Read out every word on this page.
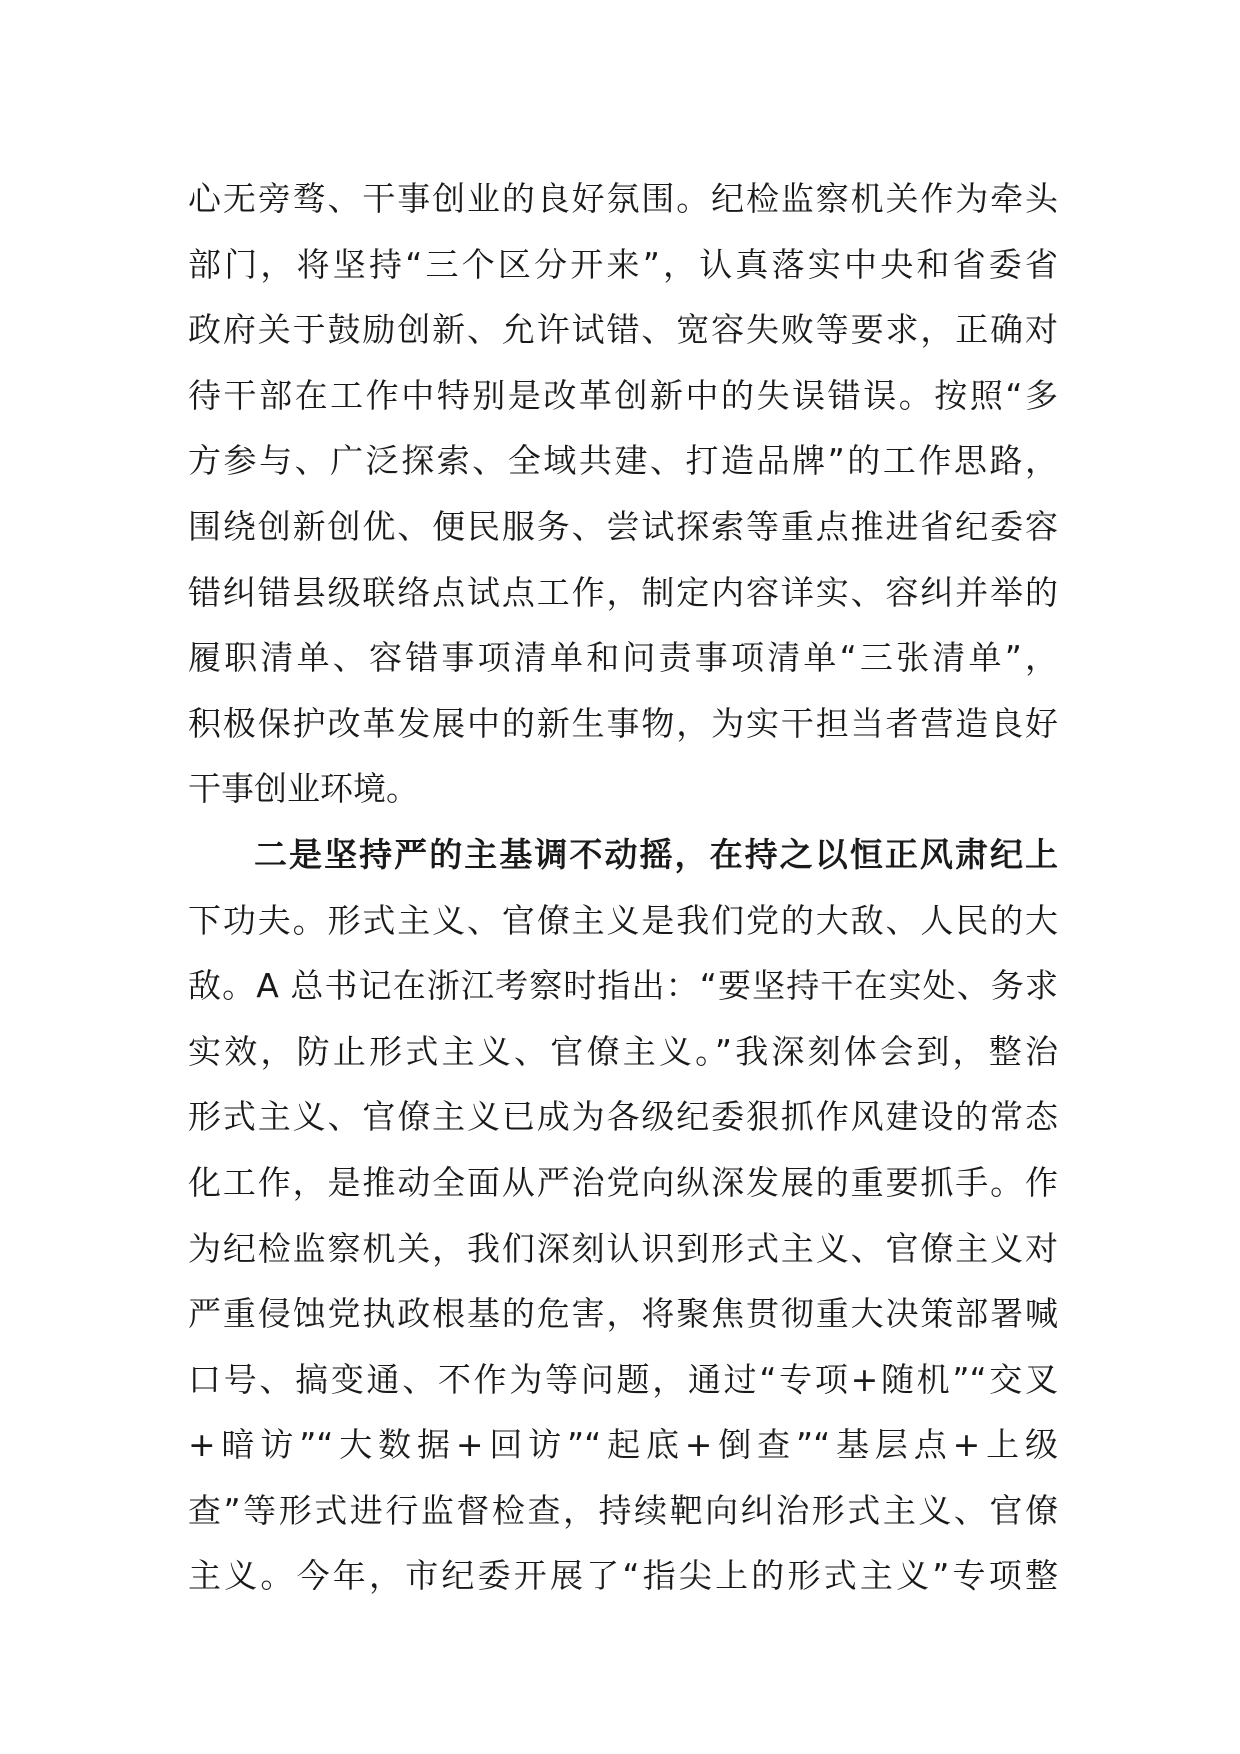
心无旁骛、干事创业的良好氛围。纪检监察机关作为牵头
部门，将坚持“三个区分开来”，认真落实中央和省委省
政府关于鼓励创新、允许试错、宽容失败等要求，正确对
待干部在工作中特别是改革创新中的失误错误。按照“多
方参与、广泛探索、全域共建、打造品牌”的工作思路，
围绕创新创优、便民服务、尝试探索等重点推进省纪委容
错纠错县级联络点试点工作，制定内容详实、容纠并举的
履职清单、容错事项清单和问责事项清单“三张清单”，
积极保护改革发展中的新生事物，为实干担当者营造良好
干事创业环境。
二是坚持严的主基调不动摇，在持之以恒正风肃纪上
下功夫。形式主义、官僚主义是我们党的大敌、人民的大
敌。A 总书记在浙江考察时指出：“要坚持干在实处、务求
实效，防止形式主义、官僚主义。”我深刻体会到，整治
形式主义、官僚主义已成为各级纪委狠抓作风建设的常态
化工作，是推动全面从严治党向纵深发展的重要抓手。作
为纪检监察机关，我们深刻认识到形式主义、官僚主义对
严重侵蚀党执政根基的危害，将聚焦贯彻重大决策部署喊
口号、搞变通、不作为等问题，通过“专项+随机”“交叉
+暗访”“大数据+回访”“起底+倒查”“基层点+上级
查”等形式进行监督检查，持续靶向纠治形式主义、官僚
主义。今年，市纪委开展了“指尖上的形式主义”专项整
